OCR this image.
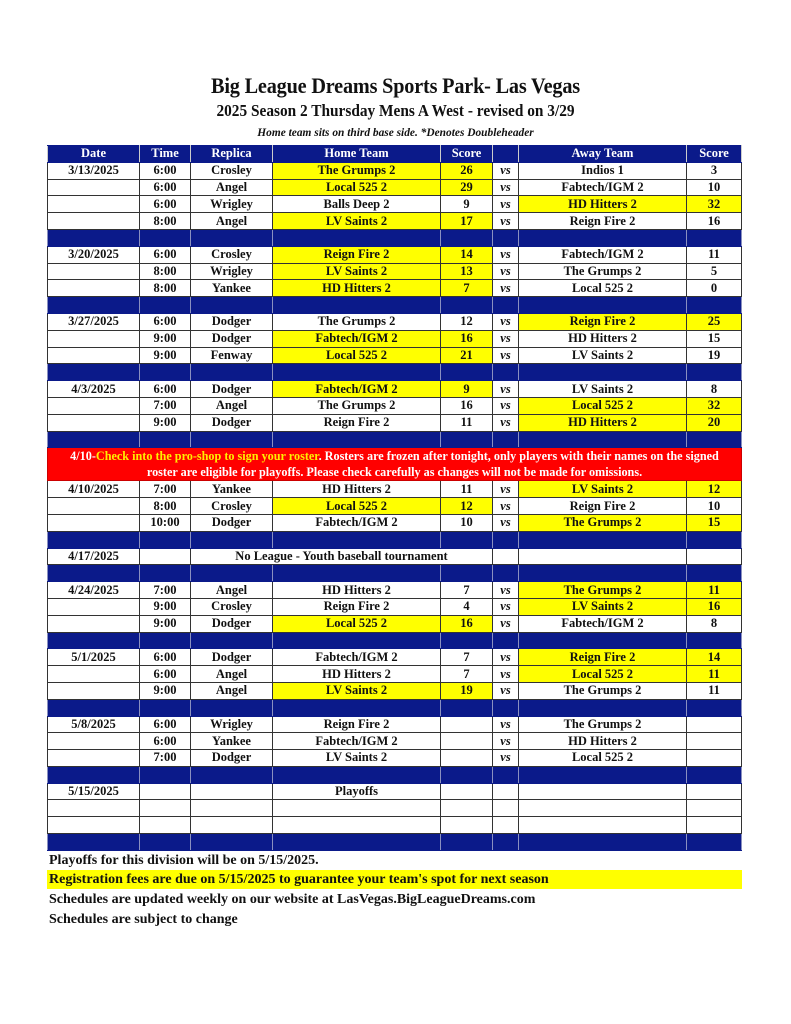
Big League Dreams Sports Park- Las Vegas
2025 Season 2 Thursday Mens A West - revised on 3/29
Home team sits on third base side. *Denotes Doubleheader
Date	Time	Replica	Home Team	Score		Away Team	Score
3/13/2025	6:00	Crosley	The Grumps 2	26	vs	Indios 1	3
	6:00	Angel	Local 525 2	29	vs	Fabtech/IGM 2	10
	6:00	Wrigley	Balls Deep 2	9	vs	HD Hitters 2	32
	8:00	Angel	LV Saints 2	17	vs	Reign Fire 2	16

3/20/2025	6:00	Crosley	Reign Fire 2	14	vs	Fabtech/IGM 2	11
	8:00	Wrigley	LV Saints 2	13	vs	The Grumps 2	5
	8:00	Yankee	HD Hitters 2	7	vs	Local 525 2	0

3/27/2025	6:00	Dodger	The Grumps 2	12	vs	Reign Fire 2	25
	9:00	Dodger	Fabtech/IGM 2	16	vs	HD Hitters 2	15
	9:00	Fenway	Local 525 2	21	vs	LV Saints 2	19

4/3/2025	6:00	Dodger	Fabtech/IGM 2	9	vs	LV Saints 2	8
	7:00	Angel	The Grumps 2	16	vs	Local 525 2	32
	9:00	Dodger	Reign Fire 2	11	vs	HD Hitters 2	20

4/10-Check into the pro-shop to sign your roster. Rosters are frozen after tonight, only players with their names on the signed roster are eligible for playoffs. Please check carefully as changes will not be made for omissions.							
4/10/2025	7:00	Yankee	HD Hitters 2	11	vs	LV Saints 2	12
	8:00	Crosley	Local 525 2	12	vs	Reign Fire 2	10
	10:00	Dodger	Fabtech/IGM 2	10	vs	The Grumps 2	15

4/17/2025		No League - Youth baseball tournament					

4/24/2025	7:00	Angel	HD Hitters 2	7	vs	The Grumps 2	11
	9:00	Crosley	Reign Fire 2	4	vs	LV Saints 2	16
	9:00	Dodger	Local 525 2	16	vs	Fabtech/IGM 2	8

5/1/2025	6:00	Dodger	Fabtech/IGM 2	7	vs	Reign Fire 2	14
	6:00	Angel	HD Hitters 2	7	vs	Local 525 2	11
	9:00	Angel	LV Saints 2	19	vs	The Grumps 2	11

5/8/2025	6:00	Wrigley	Reign Fire 2		vs	The Grumps 2	
	6:00	Yankee	Fabtech/IGM 2		vs	HD Hitters 2	
	7:00	Dodger	LV Saints 2		vs	Local 525 2	

5/15/2025			Playoffs				

Playoffs for this division will be on 5/15/2025.
Registration fees are due on 5/15/2025 to guarantee your team's spot for next season
Schedules are updated weekly on our website at LasVegas.BigLeagueDreams.com
Schedules are subject to change
